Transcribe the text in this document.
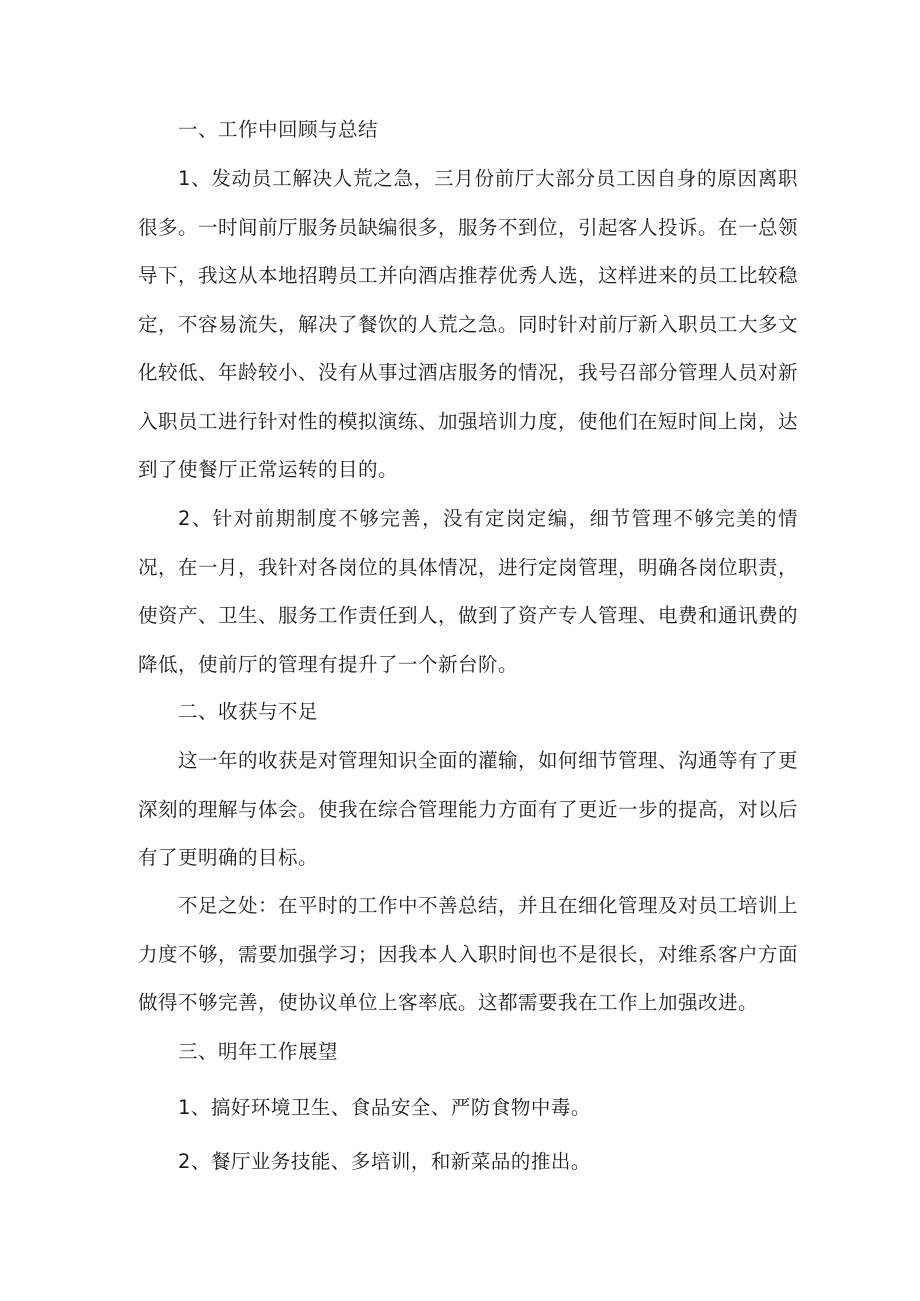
一、工作中回顾与总结

1、发动员工解决人荒之急，三月份前厅大部分员工因自身的原因离职很多。一时间前厅服务员缺编很多，服务不到位，引起客人投诉。在一总领导下，我这从本地招聘员工并向酒店推荐优秀人选，这样进来的员工比较稳定，不容易流失，解决了餐饮的人荒之急。同时针对前厅新入职员工大多文化较低、年龄较小、没有从事过酒店服务的情况，我号召部分管理人员对新入职员工进行针对性的模拟演练、加强培训力度，使他们在短时间上岗，达到了使餐厅正常运转的目的。

2、针对前期制度不够完善，没有定岗定编，细节管理不够完美的情况，在一月，我针对各岗位的具体情况，进行定岗管理，明确各岗位职责，使资产、卫生、服务工作责任到人，做到了资产专人管理、电费和通讯费的降低，使前厅的管理有提升了一个新台阶。

二、收获与不足

这一年的收获是对管理知识全面的灌输，如何细节管理、沟通等有了更深刻的理解与体会。使我在综合管理能力方面有了更近一步的提高，对以后有了更明确的目标。

不足之处：在平时的工作中不善总结，并且在细化管理及对员工培训上力度不够，需要加强学习；因我本人入职时间也不是很长，对维系客户方面做得不够完善，使协议单位上客率底。这都需要我在工作上加强改进。

三、明年工作展望

1、搞好环境卫生、食品安全、严防食物中毒。

2、餐厅业务技能、多培训，和新菜品的推出。
